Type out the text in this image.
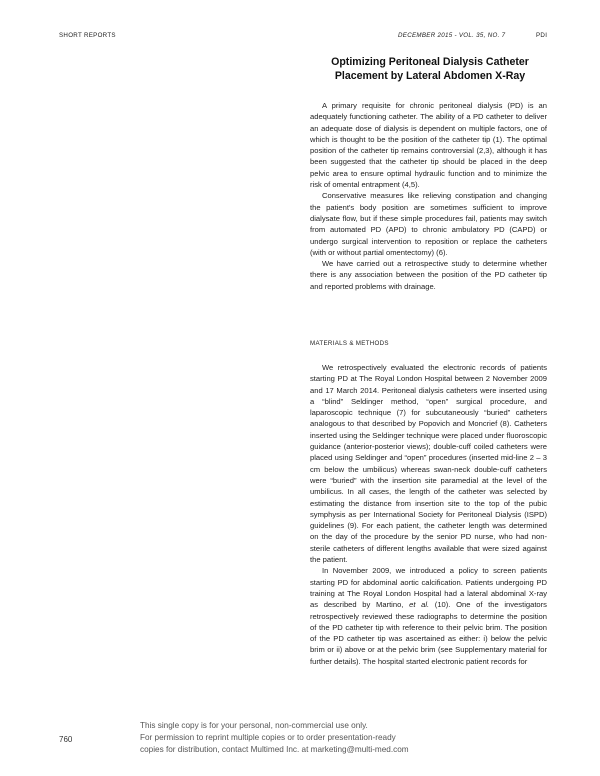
SHORT REPORTS	DECEMBER 2015 - VOL. 35, NO. 7	PDI
Optimizing Peritoneal Dialysis Catheter Placement by Lateral Abdomen X-Ray

A primary requisite for chronic peritoneal dialysis (PD) is an adequately functioning catheter. The ability of a PD catheter to deliver an adequate dose of dialysis is dependent on multiple factors, one of which is thought to be the position of the catheter tip (1). The optimal position of the catheter tip remains controversial (2,3), although it has been suggested that the catheter tip should be placed in the deep pelvic area to ensure optimal hydraulic function and to minimize the risk of omental entrapment (4,5).

Conservative measures like relieving constipation and changing the patient's body position are sometimes sufficient to improve dialysate flow, but if these simple procedures fail, patients may switch from automated PD (APD) to chronic ambulatory PD (CAPD) or undergo surgical intervention to reposition or replace the catheters (with or without partial omentectomy) (6).

We have carried out a retrospective study to determine whether there is any association between the position of the PD catheter tip and reported problems with drainage.

MATERIALS & METHODS

We retrospectively evaluated the electronic records of patients starting PD at The Royal London Hospital between 2 November 2009 and 17 March 2014. Peritoneal dialysis catheters were inserted using a “blind” Seldinger method, “open” surgical procedure, and laparoscopic technique (7) for subcutaneously “buried” catheters analogous to that described by Popovich and Moncrief (8). Catheters inserted using the Seldinger technique were placed under fluoroscopic guidance (anterior-posterior views); double-cuff coiled catheters were placed using Seldinger and “open” procedures (inserted mid-line 2 – 3 cm below the umbilicus) whereas swan-neck double-cuff catheters were “buried” with the insertion site paramedial at the level of the umbilicus. In all cases, the length of the catheter was selected by estimating the distance from insertion site to the top of the pubic symphysis as per International Society for Peritoneal Dialysis (ISPD) guidelines (9). For each patient, the catheter length was determined on the day of the procedure by the senior PD nurse, who had non-sterile catheters of different lengths available that were sized against the patient.

In November 2009, we introduced a policy to screen patients starting PD for abdominal aortic calcification. Patients undergoing PD training at The Royal London Hospital had a lateral abdominal X-ray as described by Martino, et al. (10). One of the investigators retrospectively reviewed these radiographs to determine the position of the PD catheter tip with reference to their pelvic brim. The position of the PD catheter tip was ascertained as either: i) below the pelvic brim or ii) above or at the pelvic brim (see Supplementary material for further details). The hospital started electronic patient records for

760
This single copy is for your personal, non-commercial use only.
For permission to reprint multiple copies or to order presentation-ready
copies for distribution, contact Multimed Inc. at marketing@multi-med.com
